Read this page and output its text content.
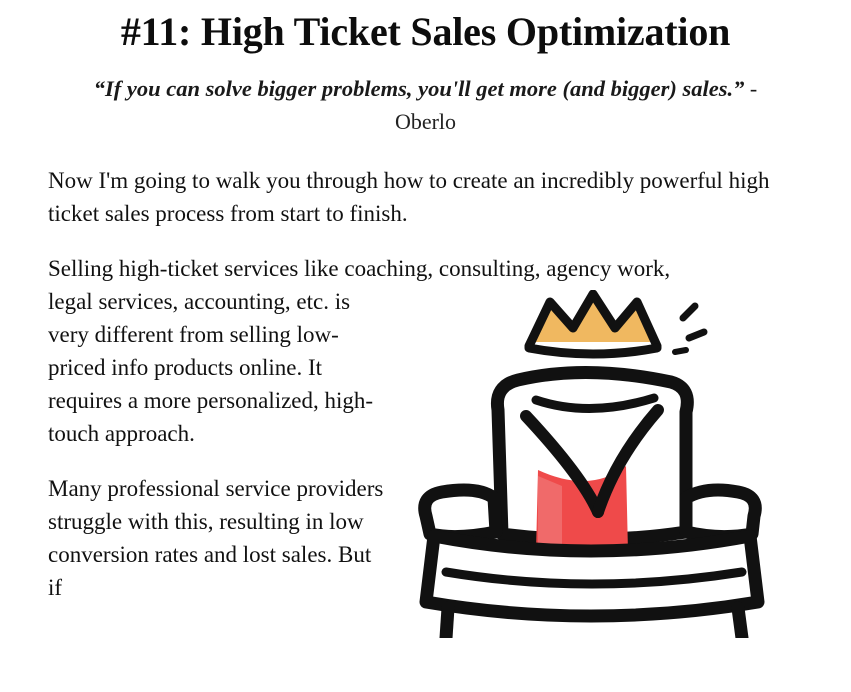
#11: High Ticket Sales Optimization
“If you can solve bigger problems, you'll get more (and bigger) sales.” -
Oberlo

Now I'm going to walk you through how to create an incredibly powerful high ticket sales process from start to finish.

Selling high-ticket services like coaching, consulting, agency work,

legal services, accounting, etc. is very different from selling low-priced info products online. It requires a more personalized, high-touch approach.

Many professional service providers struggle with this, resulting in low conversion rates and lost sales. But if
